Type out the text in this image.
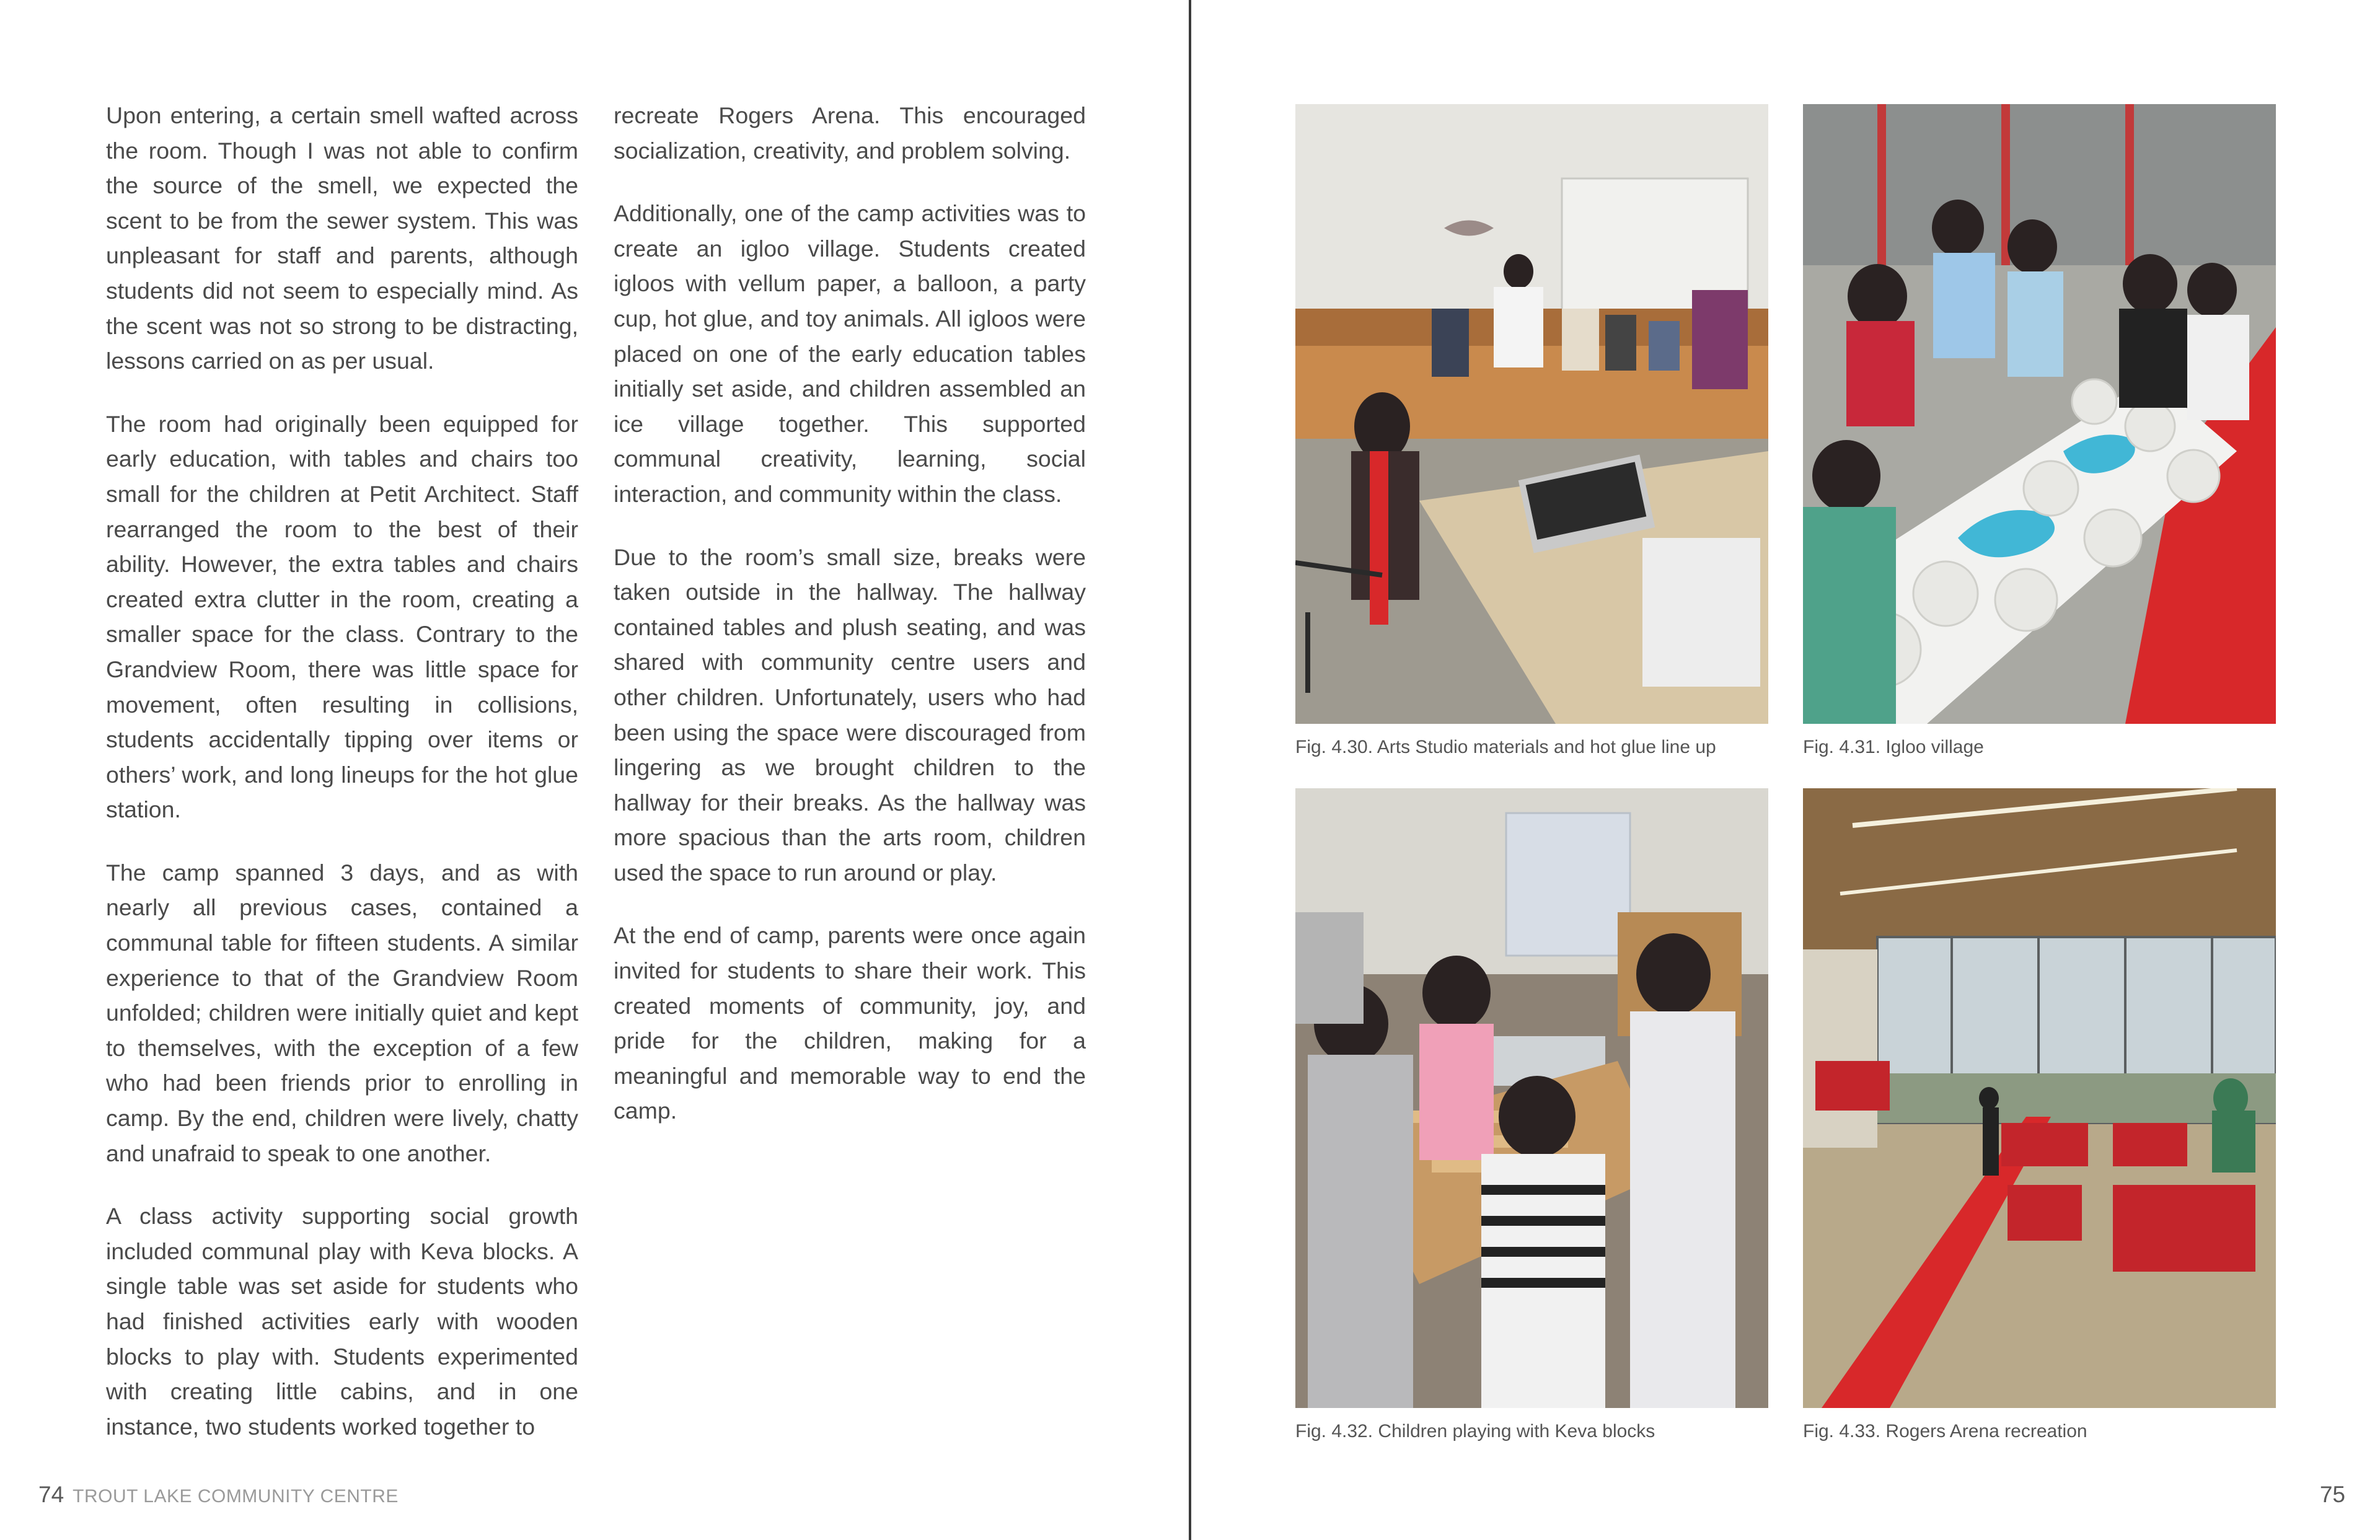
Upon entering, a certain smell wafted across the room. Though I was not able to confirm the source of the smell, we expected the scent to be from the sewer system. This was unpleasant for staff and parents, although students did not seem to especially mind. As the scent was not so strong to be distracting, lessons carried on as per usual.

The room had originally been equipped for early education, with tables and chairs too small for the children at Petit Architect. Staff rearranged the room to the best of their ability. However, the extra tables and chairs created extra clutter in the room, creating a smaller space for the class. Contrary to the Grandview Room, there was little space for movement, often resulting in collisions, students accidentally tipping over items or others’ work, and long lineups for the hot glue station.

The camp spanned 3 days, and as with nearly all previous cases, contained a communal table for fifteen students. A similar experience to that of the Grandview Room unfolded; children were initially quiet and kept to themselves, with the exception of a few who had been friends prior to enrolling in camp. By the end, children were lively, chatty and unafraid to speak to one another.

A class activity supporting social growth included communal play with Keva blocks. A single table was set aside for students who had finished activities early with wooden blocks to play with. Students experimented with creating little cabins, and in one instance, two students worked together to

recreate Rogers Arena. This encouraged socialization, creativity, and problem solving.

Additionally, one of the camp activities was to create an igloo village. Students created igloos with vellum paper, a balloon, a party cup, hot glue, and toy animals. All igloos were placed on one of the early education tables initially set aside, and children assembled an ice village together. This supported communal creativity, learning, social interaction, and community within the class.

Due to the room’s small size, breaks were taken outside in the hallway. The hallway contained tables and plush seating, and was shared with community centre users and other children. Unfortunately, users who had been using the space were discouraged from lingering as we brought children to the hallway for their breaks. As the hallway was more spacious than the arts room, children used the space to run around or play.

At the end of camp, parents were once again invited for students to share their work. This created moments of community, joy, and pride for the children, making for a meaningful and memorable way to end the camp.

74 TROUT LAKE COMMUNITY CENTRE
Fig. 4.30. Arts Studio materials and hot glue line up	Fig. 4.31. Igloo village
Fig. 4.32. Children playing with Keva blocks	Fig. 4.33. Rogers Arena recreation
75
